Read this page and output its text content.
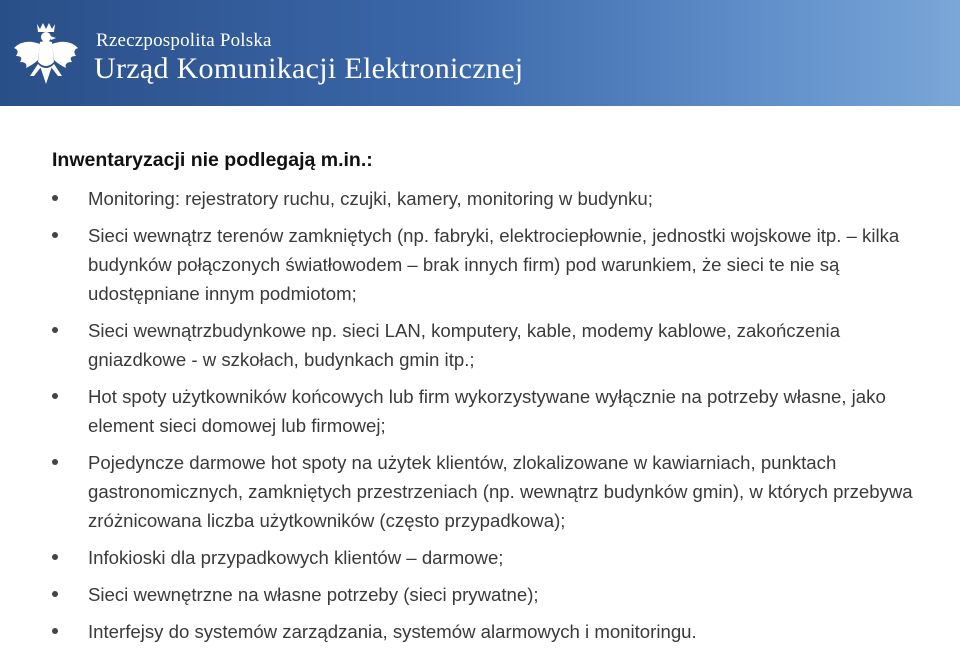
Rzeczpospolita Polska
Urząd Komunikacji Elektronicznej
Inwentaryzacji nie podlegają m.in.:
Monitoring: rejestratory ruchu, czujki, kamery, monitoring w budynku;
Sieci wewnątrz terenów zamkniętych (np. fabryki, elektrociepłownie, jednostki wojskowe itp. – kilka budynków połączonych światłowodem – brak innych firm) pod warunkiem, że sieci te nie są udostępniane innym podmiotom;
Sieci wewnątrzbudynkowe np. sieci LAN, komputery, kable, modemy kablowe, zakończenia gniazdkowe - w szkołach, budynkach gmin itp.;
Hot spoty użytkowników końcowych lub firm wykorzystywane wyłącznie na potrzeby własne, jako element sieci domowej lub firmowej;
Pojedyncze darmowe hot spoty na użytek klientów, zlokalizowane w kawiarniach, punktach gastronomicznych, zamkniętych przestrzeniach (np. wewnątrz budynków gmin), w których przebywa zróżnicowana liczba użytkowników (często przypadkowa);
Infokioski dla przypadkowych klientów – darmowe;
Sieci wewnętrzne na własne potrzeby (sieci prywatne);
Interfejsy do systemów zarządzania, systemów alarmowych i monitoringu.
